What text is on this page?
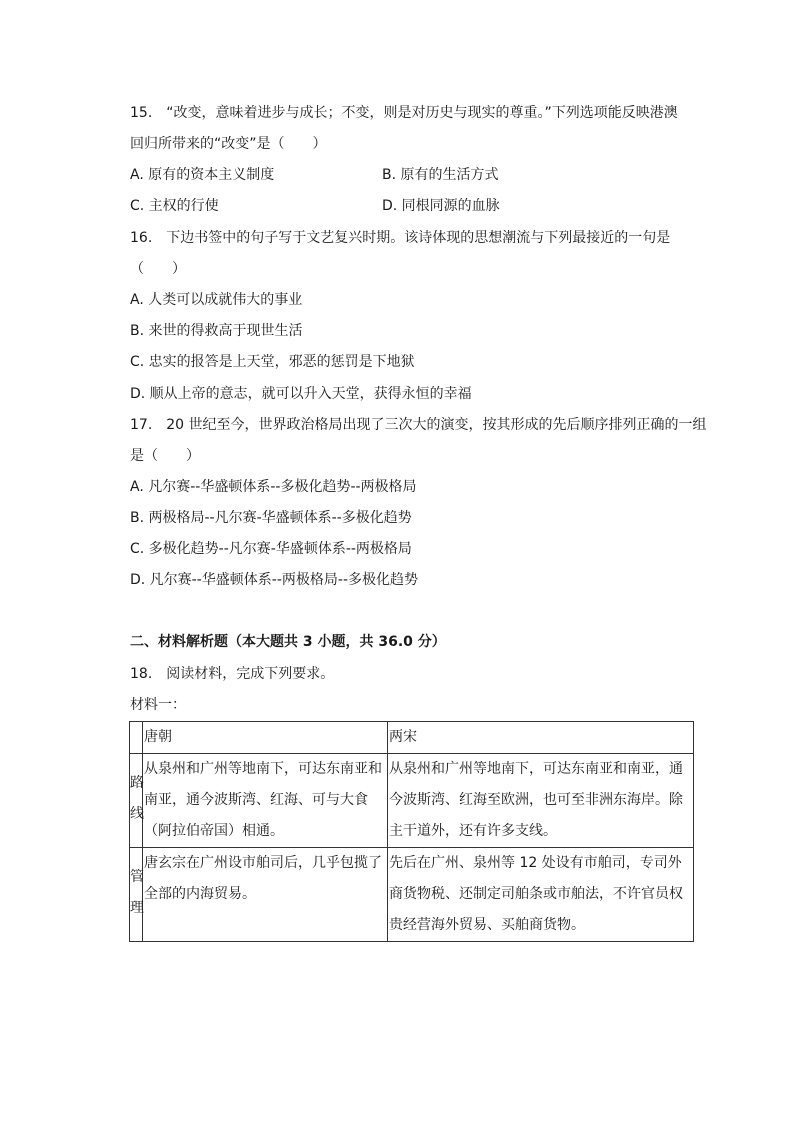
15.　“改变，意味着进步与成长；不变，则是对历史与现实的尊重。”下列选项能反映港澳
回归所带来的“改变”是（　　）
A. 原有的资本主义制度	B. 原有的生活方式
C. 主权的行使	D. 同根同源的血脉
16.　下边书签中的句子写于文艺复兴时期。该诗体现的思想潮流与下列最接近的一句是
（　　）
A. 人类可以成就伟大的事业
B. 来世的得救高于现世生活
C. 忠实的报答是上天堂，邪恶的惩罚是下地狱
D. 顺从上帝的意志，就可以升入天堂，获得永恒的幸福
17.　20 世纪至今，世界政治格局出现了三次大的演变，按其形成的先后顺序排列正确的一组
是（　　）
A. 凡尔赛--华盛顿体系--多极化趋势--两极格局
B. 两极格局--凡尔赛-华盛顿体系--多极化趋势
C. 多极化趋势--凡尔赛-华盛顿体系--两极格局
D. 凡尔赛--华盛顿体系--两极格局--多极化趋势
二、材料解析题（本大题共 3 小题，共 36.0 分）
18.　阅读材料，完成下列要求。
材料一：
	唐朝	两宋

路线	从泉州和广州等地南下，可达东南亚和南亚，通今波斯湾、红海、可与大食（阿拉伯帝国）相通。	从泉州和广州等地南下，可达东南亚和南亚，通今波斯湾、红海至欧洲，也可至非洲东海岸。除主干道外，还有许多支线。

管理	唐玄宗在广州设市舶司后，几乎包揽了全部的内海贸易。	先后在广州、泉州等 12 处设有市舶司，专司外商货物税、还制定司舶条或市舶法，不许官员权贵经营海外贸易、买舶商货物。
